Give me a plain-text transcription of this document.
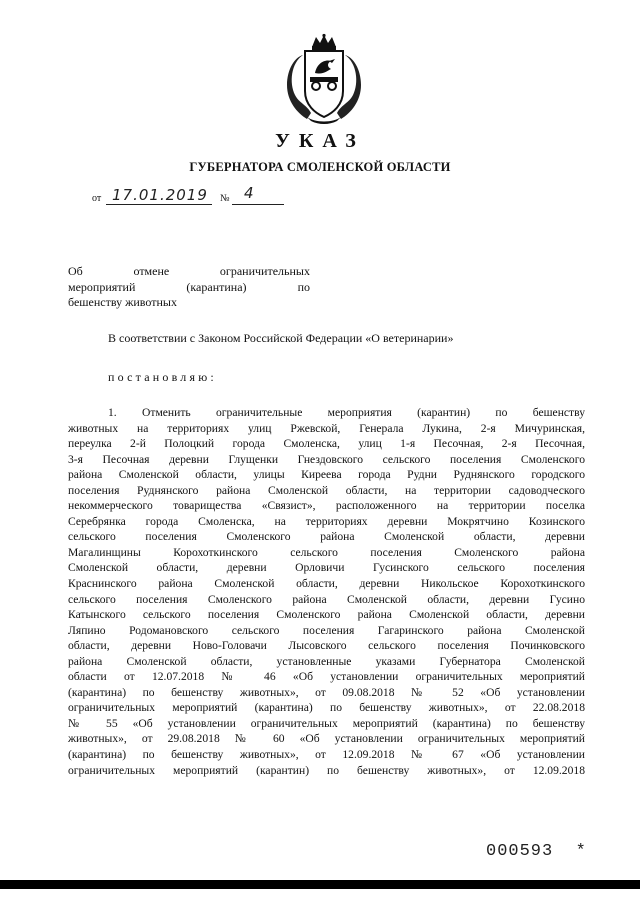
УКАЗ
ГУБЕРНАТОРА СМОЛЕНСКОЙ ОБЛАСТИ
от 17.01.2019 № 4
Об отмене ограничительных
мероприятий (карантина) по
бешенству животных
В соответствии с Законом Российской Федерации «О ветеринарии»
постановляю:
1. Отменить ограничительные мероприятия (карантин) по бешенству
животных на территориях улиц Ржевской, Генерала Лукина, 2-я Мичуринская,
переулка 2-й Полоцкий города Смоленска, улиц 1-я Песочная, 2-я Песочная,
3-я Песочная деревни Глущенки Гнездовского сельского поселения Смоленского
района Смоленской области, улицы Киреева города Рудни Руднянского городского
поселения Руднянского района Смоленской области, на территории садоводческого
некоммерческого товарищества «Связист», расположенного на территории поселка
Серебрянка города Смоленска, на территориях деревни Мокрятчино Козинского
сельского поселения Смоленского района Смоленской области, деревни
Магалинщины Корохоткинского сельского поселения Смоленского района
Смоленской области, деревни Орловичи Гусинского сельского поселения
Краснинского района Смоленской области, деревни Никольское Корохоткинского
сельского поселения Смоленского района Смоленской области, деревни Гусино
Катынского сельского поселения Смоленского района Смоленской области, деревни
Ляпино Родомановского сельского поселения Гагаринского района Смоленской
области, деревни Ново-Головачи Лысовского сельского поселения Починковского
района Смоленской области, установленные указами Губернатора Смоленской
области от 12.07.2018 № 46 «Об установлении ограничительных мероприятий
(карантина) по бешенству животных», от 09.08.2018 № 52 «Об установлении
ограничительных мероприятий (карантина) по бешенству животных», от 22.08.2018
№ 55 «Об установлении ограничительных мероприятий (карантина) по бешенству
животных», от 29.08.2018 № 60 «Об установлении ограничительных мероприятий
(карантина) по бешенству животных», от 12.09.2018 № 67 «Об установлении
ограничительных мероприятий (карантин) по бешенству животных», от 12.09.2018
000593 *
